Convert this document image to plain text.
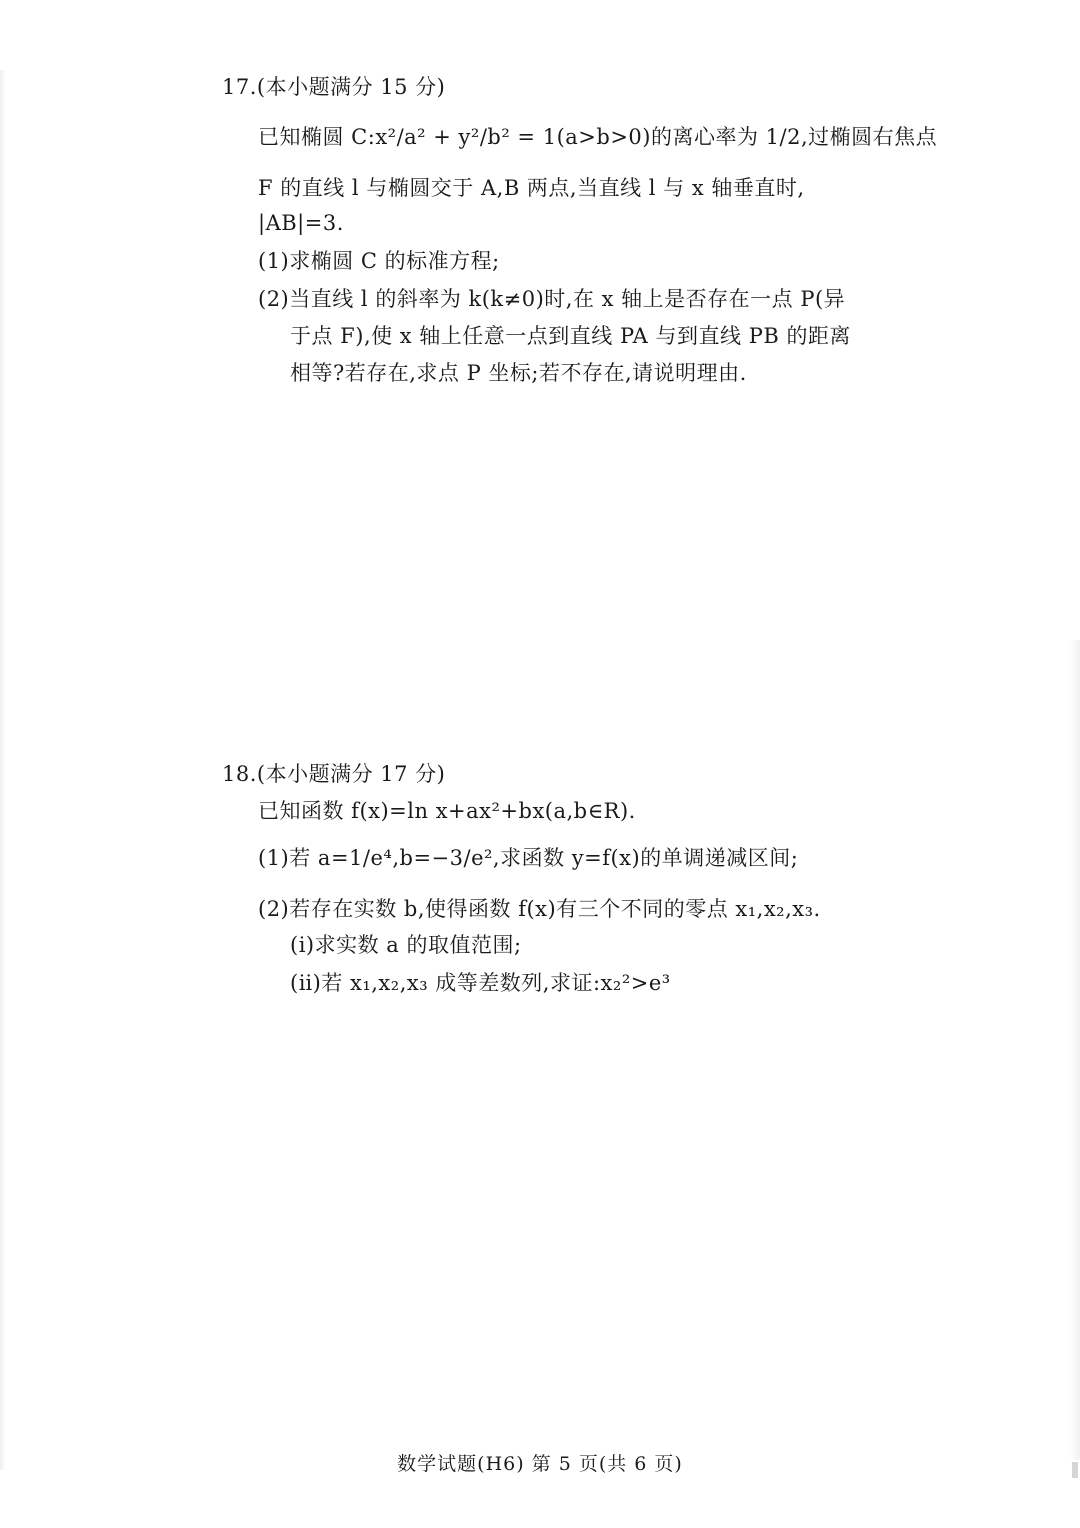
17.(本小题满分 15 分)
已知椭圆 C:x²/a² + y²/b² = 1(a>b>0)的离心率为 1/2,过椭圆右焦点
F 的直线 l 与椭圆交于 A,B 两点,当直线 l 与 x 轴垂直时,
|AB|=3.
(1)求椭圆 C 的标准方程;
(2)当直线 l 的斜率为 k(k≠0)时,在 x 轴上是否存在一点 P(异
于点 F),使 x 轴上任意一点到直线 PA 与到直线 PB 的距离
相等?若存在,求点 P 坐标;若不存在,请说明理由.
18.(本小题满分 17 分)
已知函数 f(x)=ln x+ax²+bx(a,b∈R).
(1)若 a=1/e⁴,b=−3/e²,求函数 y=f(x)的单调递减区间;
(2)若存在实数 b,使得函数 f(x)有三个不同的零点 x₁,x₂,x₃.
(ⅰ)求实数 a 的取值范围;
(ⅱ)若 x₁,x₂,x₃ 成等差数列,求证:x₂²>e³
数学试题(H6) 第 5 页(共 6 页)
